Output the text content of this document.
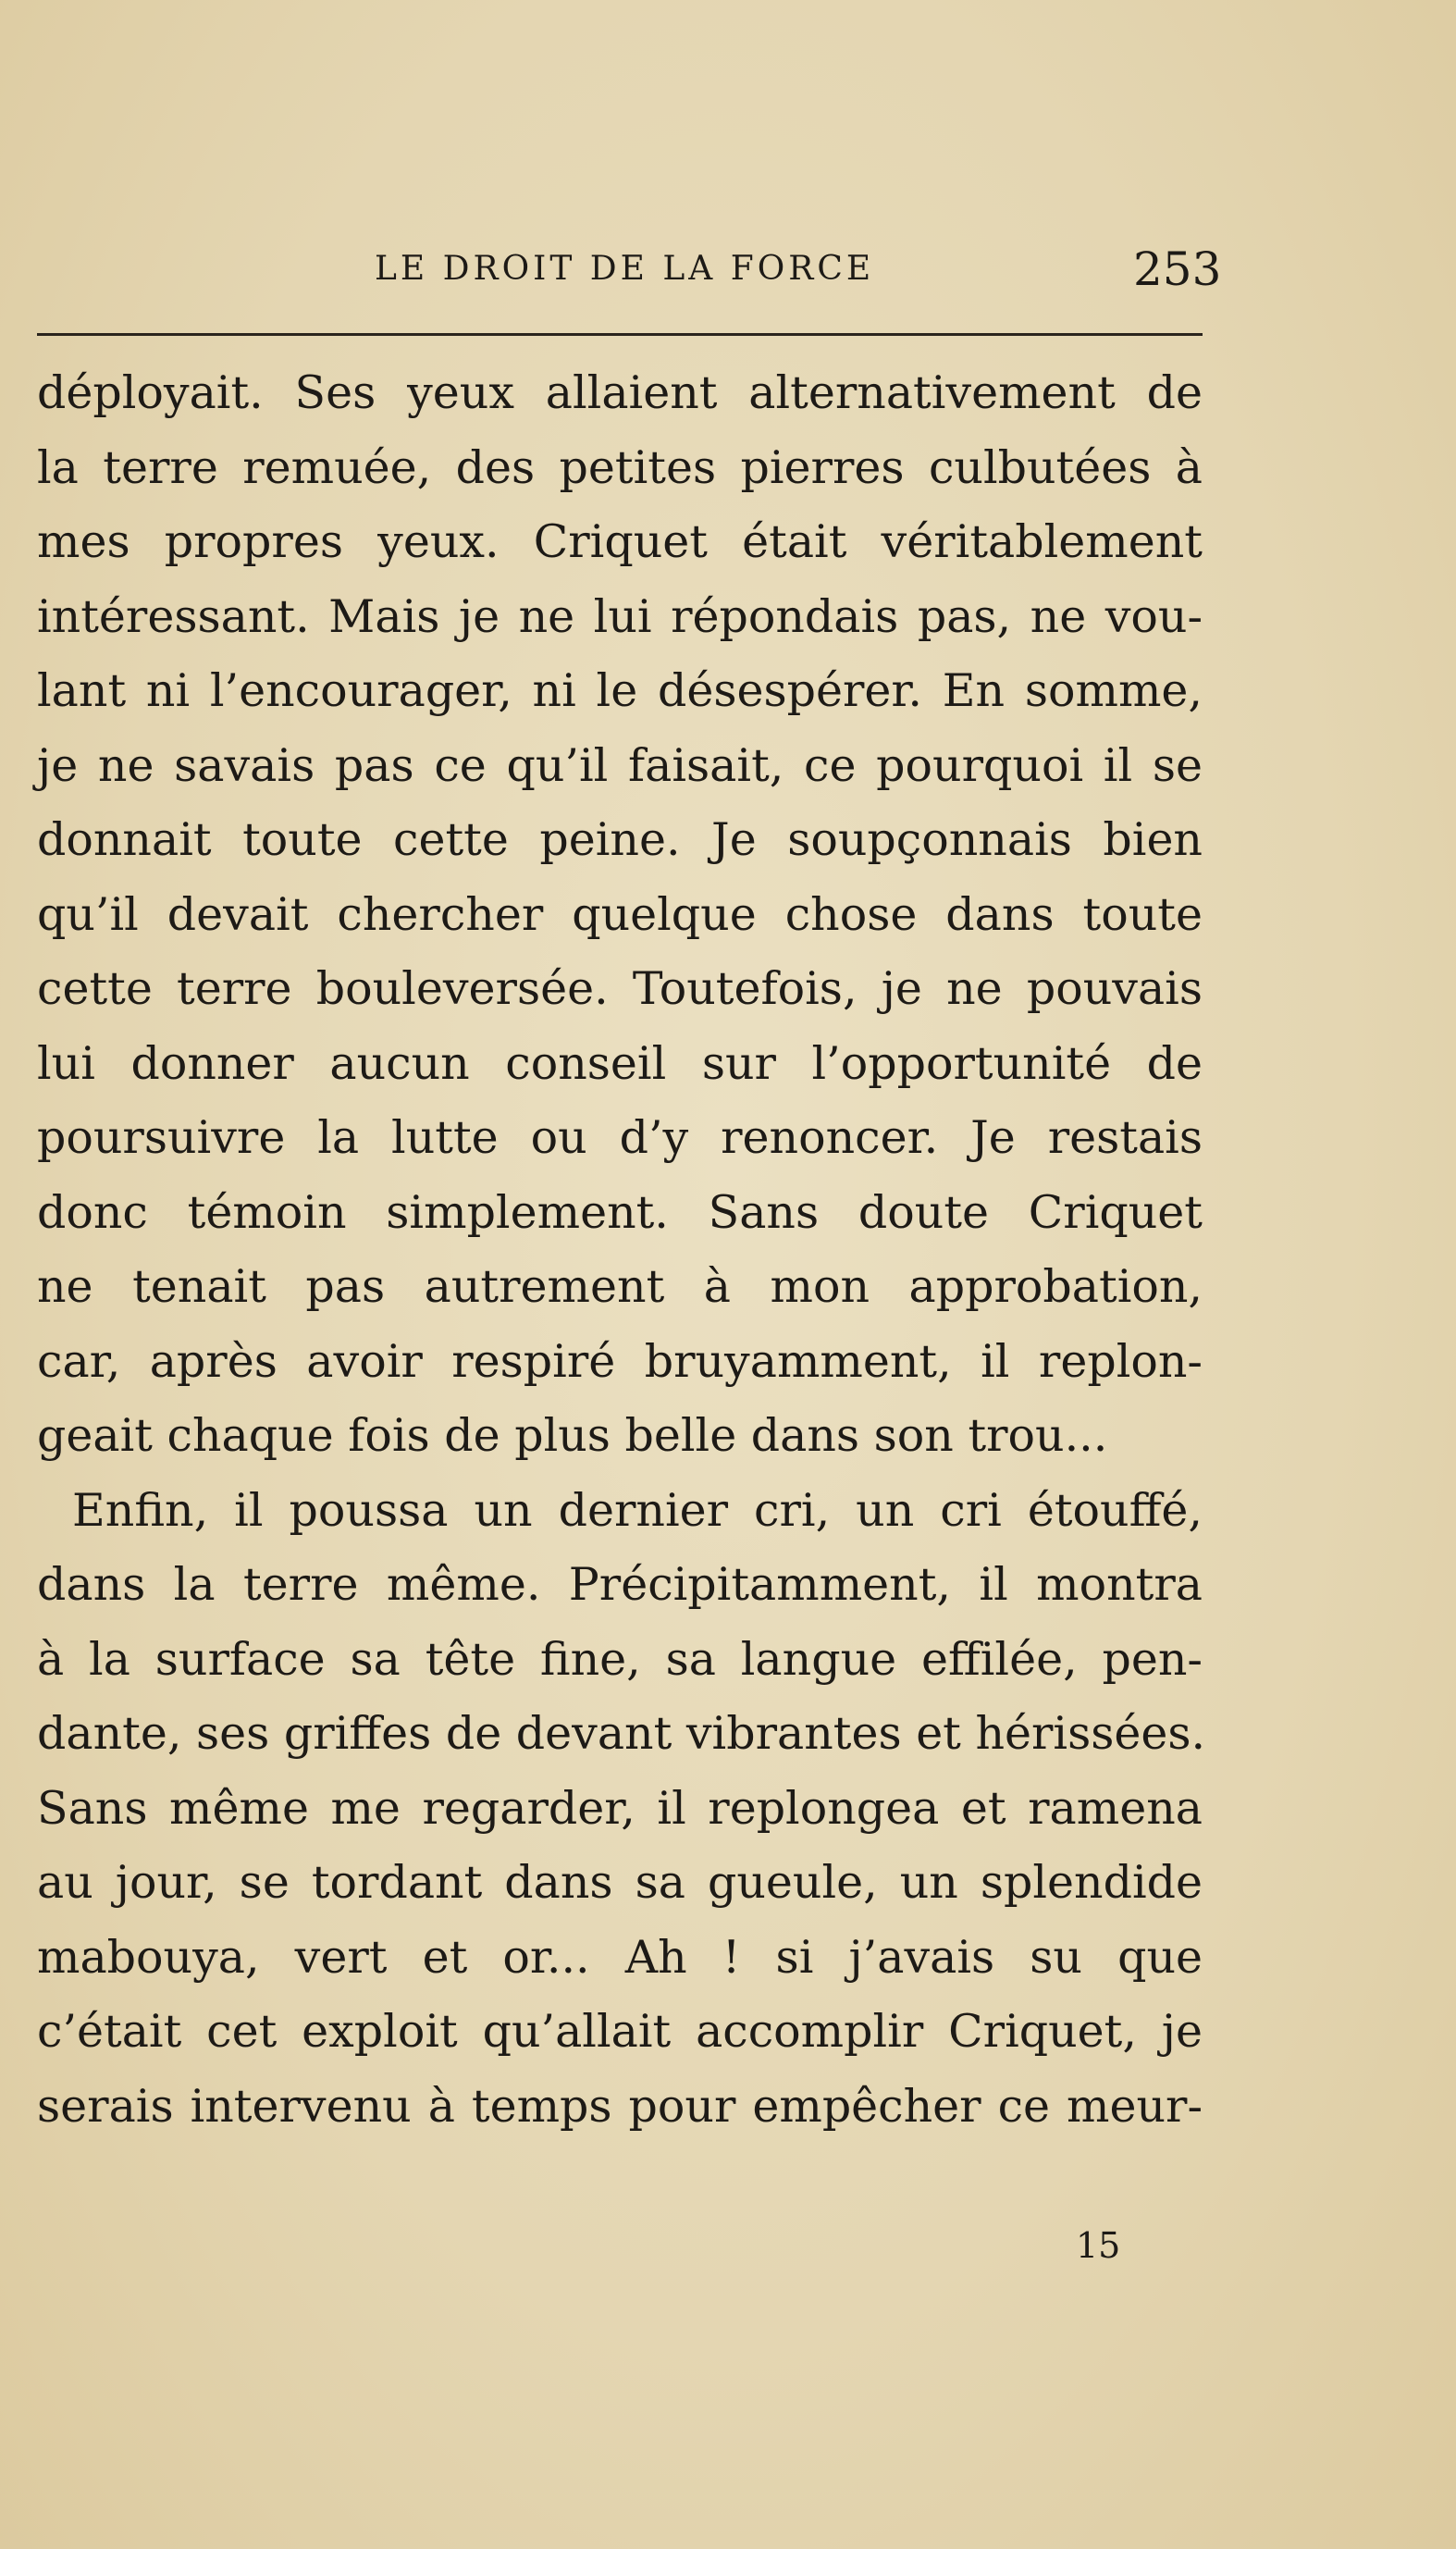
LE DROIT DE LA FORCE	253
déployait. Ses yeux allaient alternativement de
la terre remuée, des petites pierres culbutées à
mes propres yeux. Criquet était véritablement
intéressant. Mais je ne lui répondais pas, ne vou-
lant ni l’encourager, ni le désespérer. En somme,
je ne savais pas ce qu’il faisait, ce pourquoi il se
donnait toute cette peine. Je soupçonnais bien
qu’il devait chercher quelque chose dans toute
cette terre bouleversée. Toutefois, je ne pouvais
lui donner aucun conseil sur l’opportunité de
poursuivre la lutte ou d’y renoncer. Je restais
donc témoin simplement. Sans doute Criquet
ne tenait pas autrement à mon approbation,
car, après avoir respiré bruyamment, il replon-
geait chaque fois de plus belle dans son trou...
Enfin, il poussa un dernier cri, un cri étouffé,
dans la terre même. Précipitamment, il montra
à la surface sa tête fine, sa langue effilée, pen-
dante, ses griffes de devant vibrantes et hérissées.
Sans même me regarder, il replongea et ramena
au jour, se tordant dans sa gueule, un splendide
mabouya, vert et or... Ah ! si j’avais su que
c’était cet exploit qu’allait accomplir Criquet, je
serais intervenu à temps pour empêcher ce meur-
15
